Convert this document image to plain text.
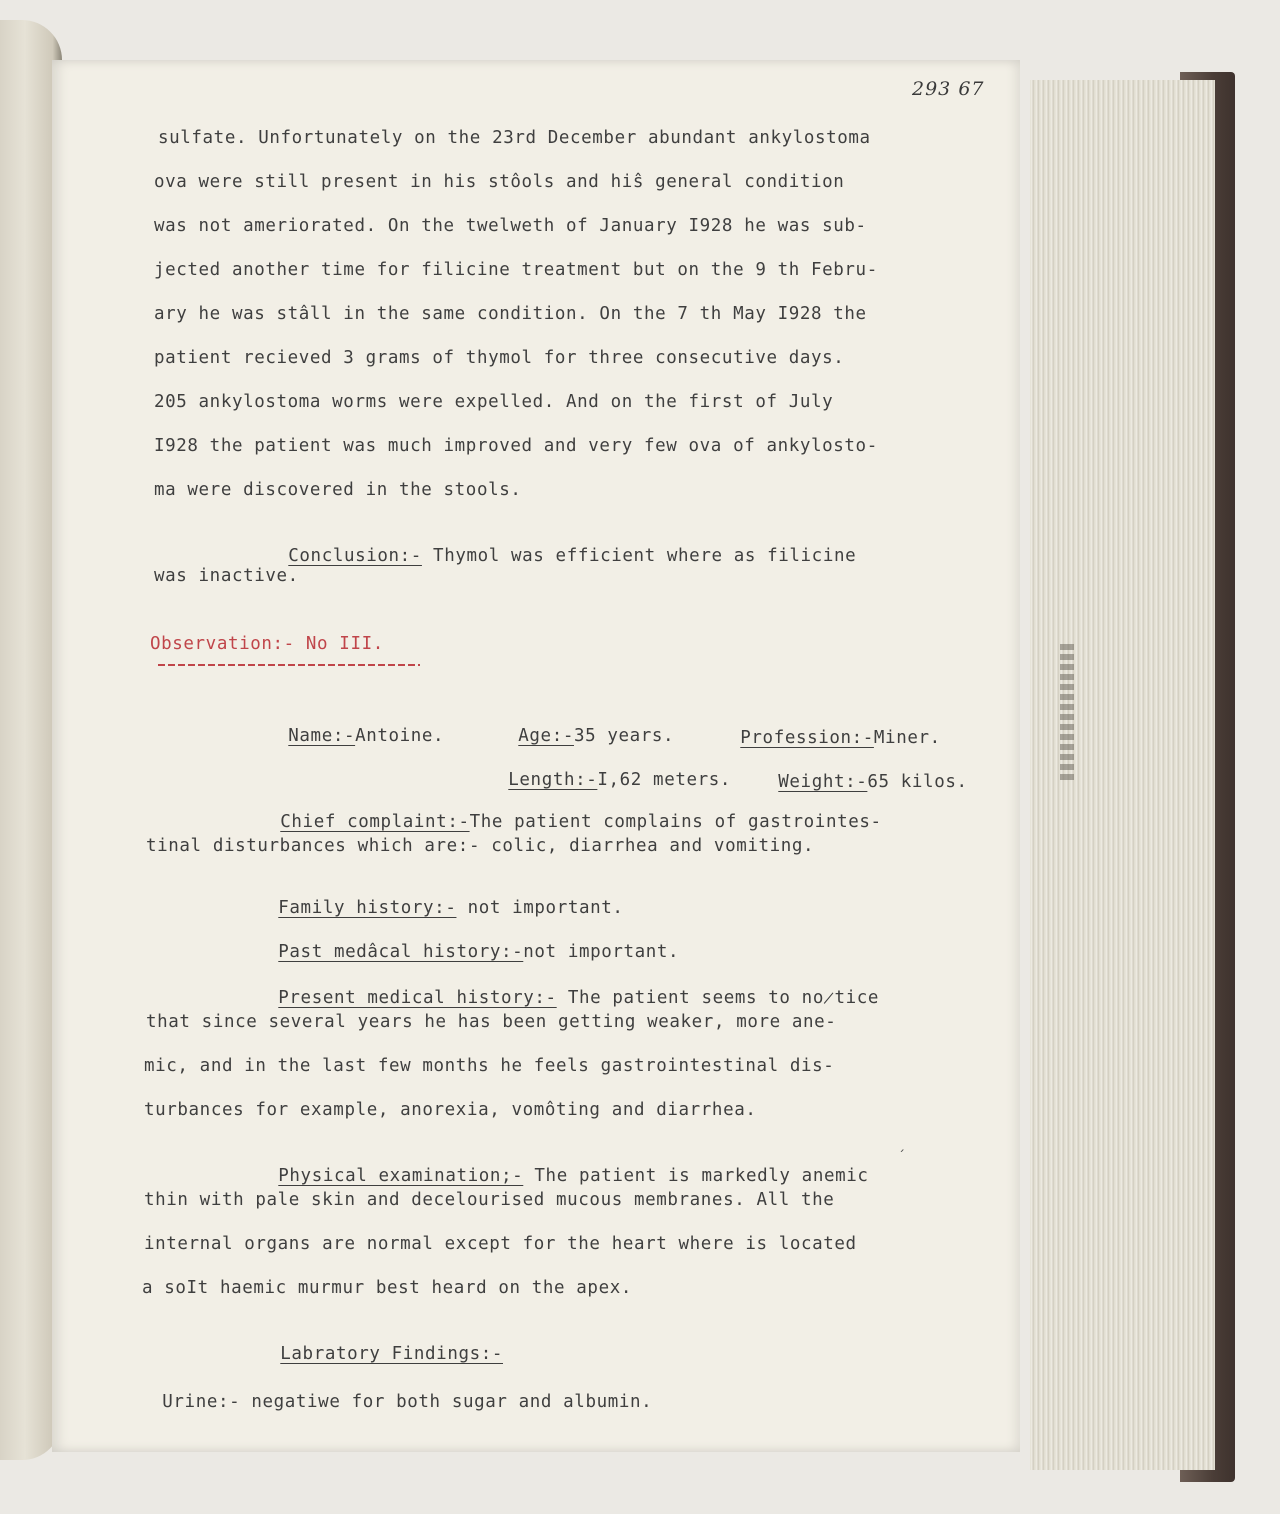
293 67
sulfate. Unfortunately on the 23rd December abundant ankylostoma
ova were still present in his stôols and hiŝ general condition
was not ameriorated. On the twelweth of January I928 he was sub-
jected another time for filicine treatment but on the 9 th Febru-
ary he was stâll in the same condition. On the 7 th May I928 the
patient recieved 3 grams of thymol for three consecutive days.
205 ankylostoma worms were expelled. And on the first of July
I928 the patient was much improved and very few ova of ankylosto-
ma were discovered in the stools.

Conclusion:- Thymol was efficient where as filicine

was inactive.
Observation:- No III.

Name:-Antoine.	Age:-35 years.	Profession:-Miner.

Length:-I,62 meters.	Weight:-65 kilos.

Chief complaint:-The patient complains of gastrointes-

tinal disturbances which are:- colic, diarrhea and vomiting.

Family history:- not important.

Past medâcal history:-not important.

Present medical history:- The patient seems to no̷tice

that since several years he has been getting weaker, more ane-
mic, and in the last few months he feels gastrointestinal dis-
turbances for example, anorexia, vomôting and diarrhea.

Physical examination;- The patient is markedly anemic

thin with pale skin and decelourised mucous membranes. All the
internal organs are normal except for the heart where is located
a soIt haemic murmur best heard on the apex.

Labratory Findings:-

Urine:- negatiwe for both sugar and albumin.

ˏ
